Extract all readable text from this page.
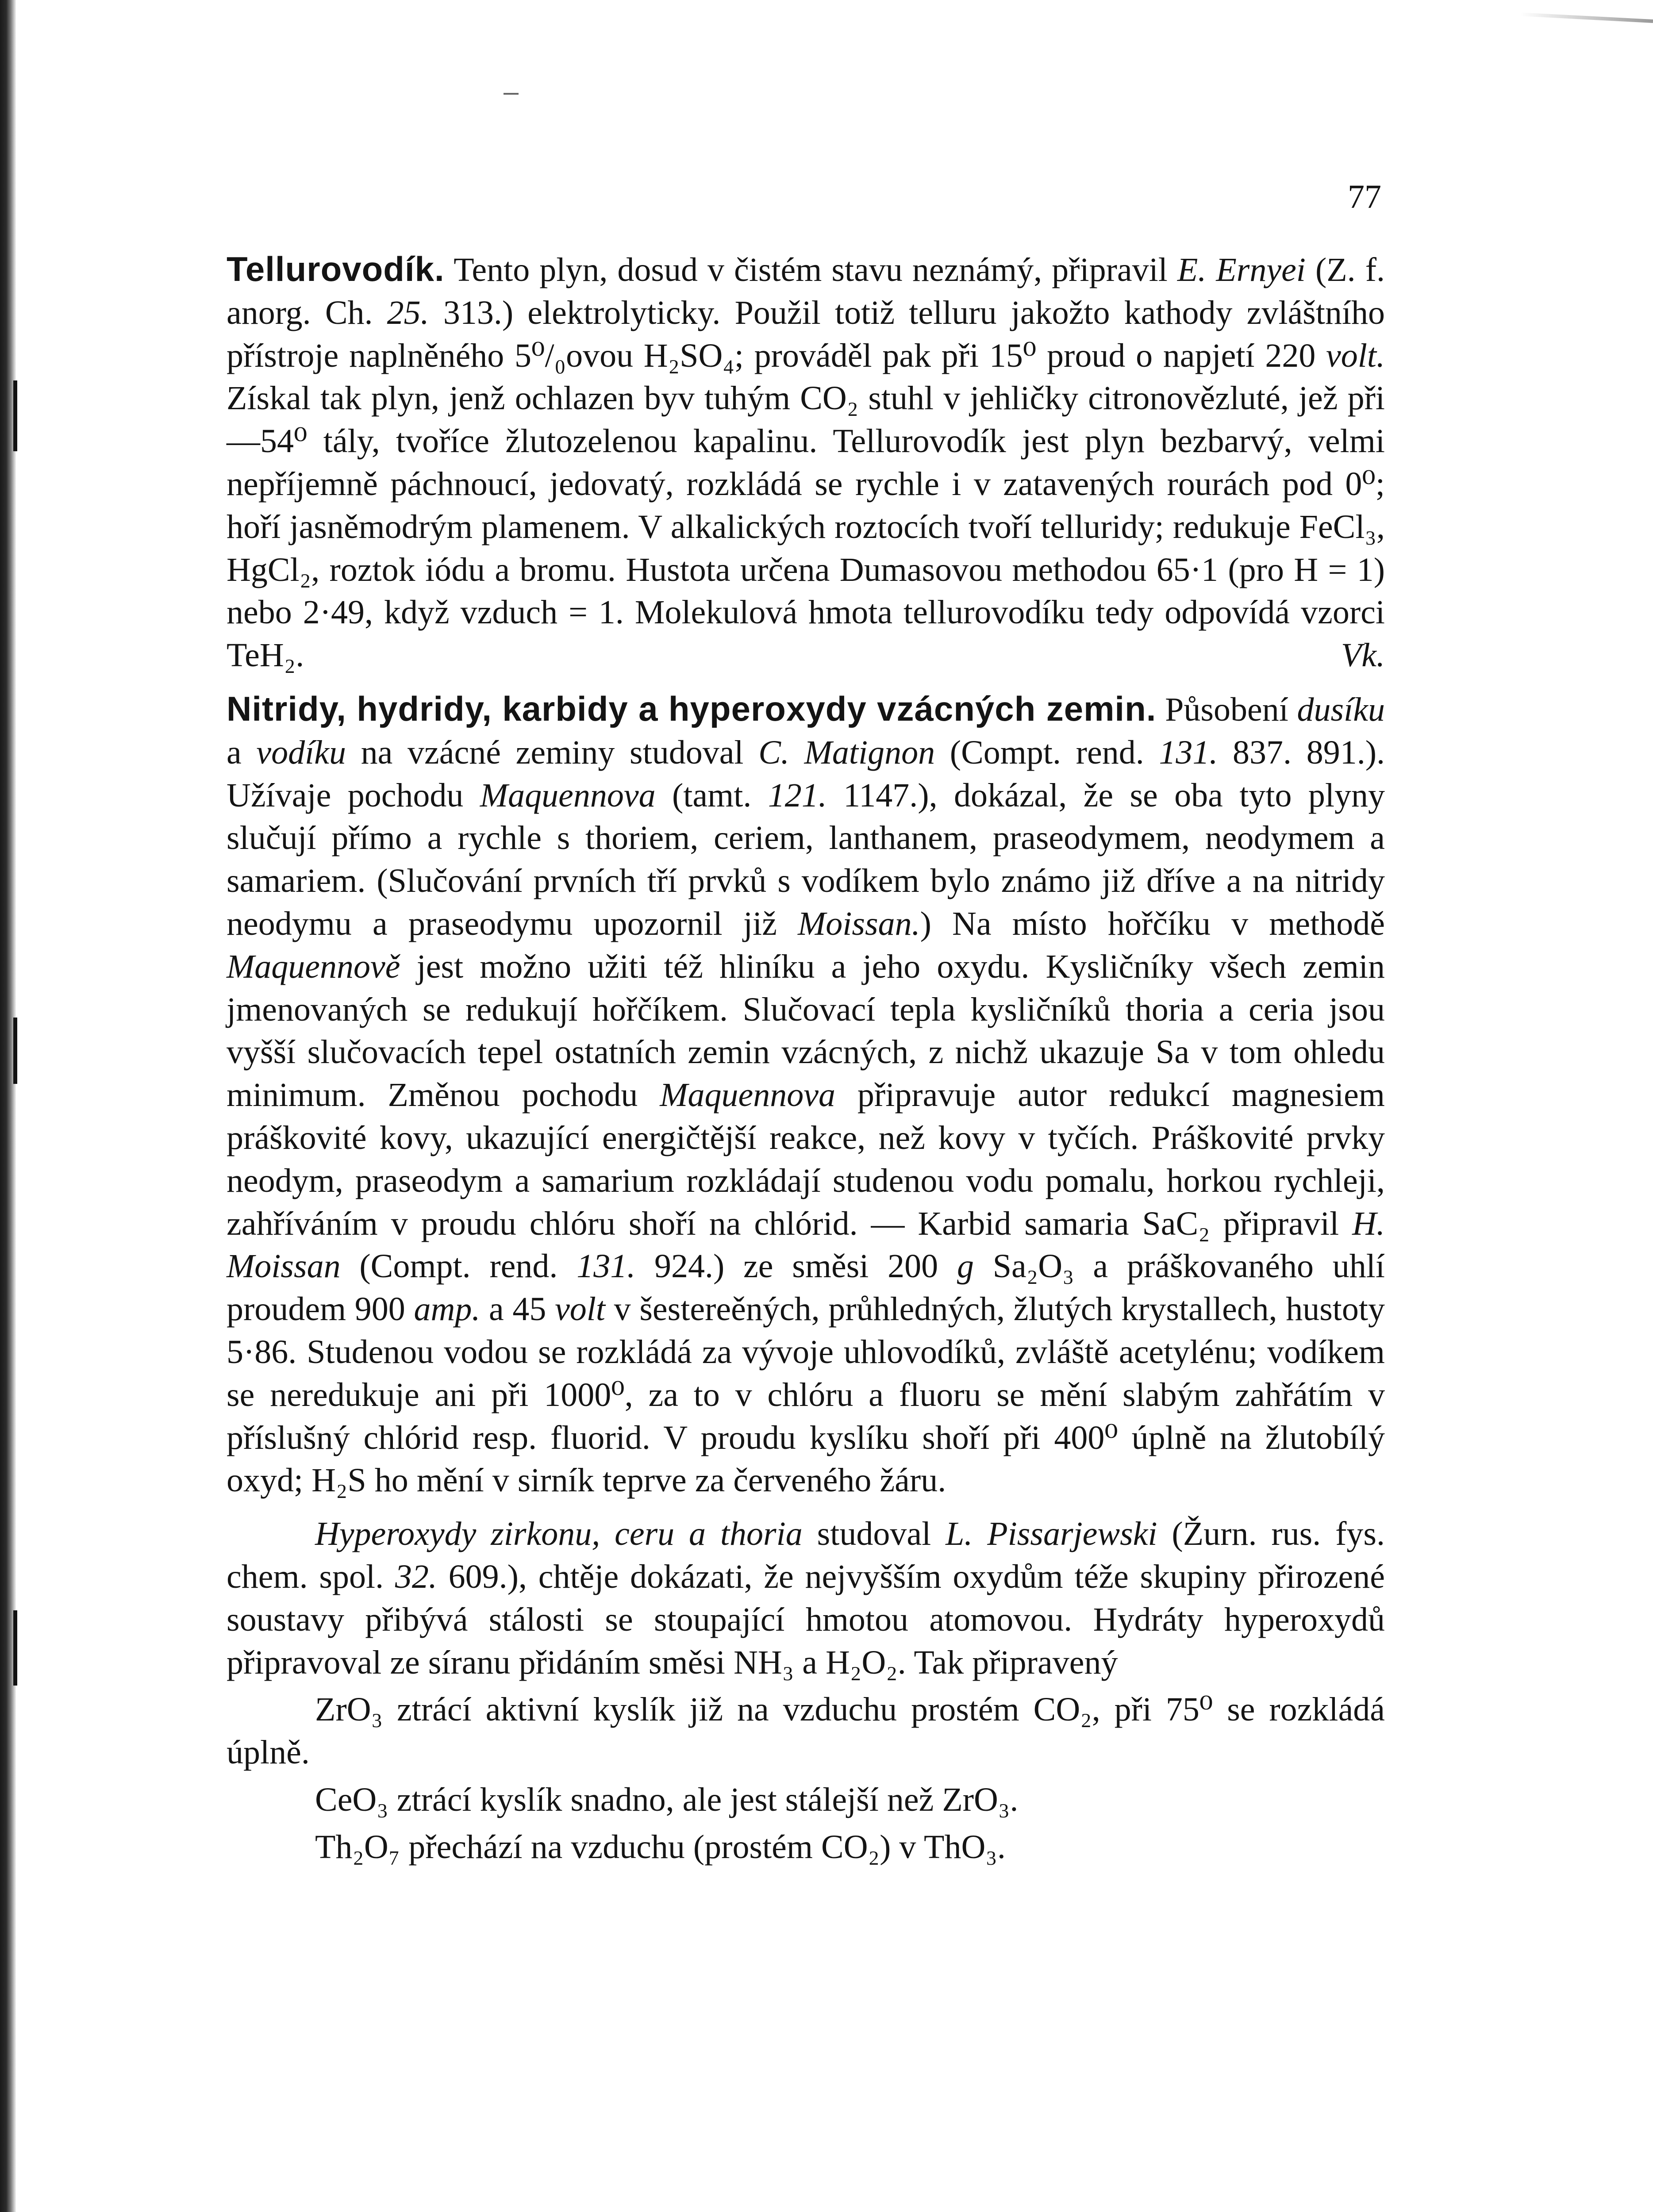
77

Tellurovodík. Tento plyn, dosud v čistém stavu neznámý, připravil E. Ernyei (Z. f. anorg. Ch. 25. 313.) elektrolyticky. Použil totiž telluru jakožto kathody zvláštního přístroje naplněného 5⁰/₀ovou H₂SO₄; prováděl pak při 15⁰ proud o napjetí 220 volt. Získal tak plyn, jenž ochlazen byv tuhým CO₂ stuhl v jehličky citronovězluté, jež při —54⁰ tály, tvoříce žlutozelenou kapalinu. Tellurovodík jest plyn bezbarvý, velmi nepříjemně páchnoucí, jedovatý, rozkládá se rychle i v zatavených rourách pod 0⁰; hoří jasněmodrým plamenem. V alkalických roztocích tvoří telluridy; redukuje FeCl₃, HgCl₂, roztok iódu a bromu. Hustota určena Dumasovou methodou 65·1 (pro H = 1) nebo 2·49, když vzduch = 1. Molekulová hmota tellurovodíku tedy odpovídá vzorci TeH₂.	Vk.

Nitridy, hydridy, karbidy a hyperoxydy vzácných zemin. Působení dusíku a vodíku na vzácné zeminy studoval C. Matignon (Compt. rend. 131. 837. 891.). Užívaje pochodu Maquennova (tamt. 121. 1147.), dokázal, že se oba tyto plyny slučují přímo a rychle s thoriem, ceriem, lanthanem, praseodymem, neodymem a samariem. (Slučování prvních tří prvků s vodíkem bylo známo již dříve a na nitridy neodymu a praseodymu upozornil již Moissan.) Na místo hořčíku v methodě Maquennově jest možno užiti též hliníku a jeho oxydu. Kysličníky všech zemin jmenovaných se redukují hořčíkem. Slučovací tepla kysličníků thoria a ceria jsou vyšší slučovacích tepel ostatních zemin vzácných, z nichž ukazuje Sa v tom ohledu minimum. Změnou pochodu Maquennova připravuje autor redukcí magnesiem práškovité kovy, ukazující energičtější reakce, než kovy v tyčích. Práškovité prvky neodym, praseodym a samarium rozkládají studenou vodu pomalu, horkou rychleji, zahříváním v proudu chlóru shoří na chlórid. — Karbid samaria SaC₂ připravil H. Moissan (Compt. rend. 131. 924.) ze směsi 200 g Sa₂O₃ a práškovaného uhlí proudem 900 amp. a 45 volt v šestereěných, průhledných, žlutých krystallech, hustoty 5·86. Studenou vodou se rozkládá za vývoje uhlovodíků, zvláště acetylénu; vodíkem se neredukuje ani při 1000⁰, za to v chlóru a fluoru se mění slabým zahřátím v příslušný chlórid resp. fluorid. V proudu kyslíku shoří při 400⁰ úplně na žlutobílý oxyd; H₂S ho mění v sirník teprve za červeného žáru.

Hyperoxydy zirkonu, ceru a thoria studoval L. Pissarjewski (Žurn. rus. fys. chem. spol. 32. 609.), chtěje dokázati, že nejvyšším oxydům téže skupiny přirozené soustavy přibývá stálosti se stoupající hmotou atomovou. Hydráty hyperoxydů připravoval ze síranu přidáním směsi NH₃ a H₂O₂. Tak připravený

ZrO₃ ztrácí aktivní kyslík již na vzduchu prostém CO₂, při 75⁰ se rozkládá úplně.

CeO₃ ztrácí kyslík snadno, ale jest stálejší než ZrO₃.

Th₂O₇ přechází na vzduchu (prostém CO₂) v ThO₃.
